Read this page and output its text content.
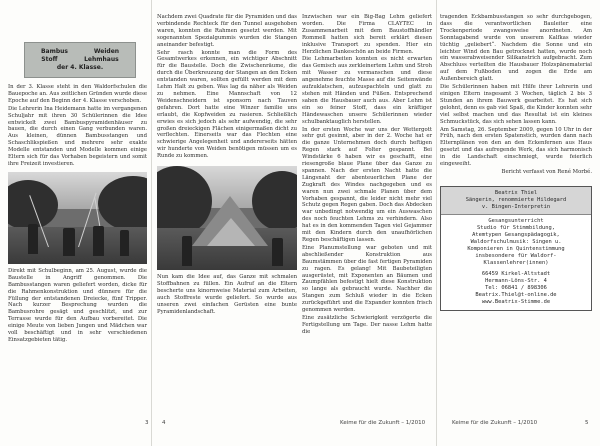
Bambus	Weiden
Stoff	Lehmhaus
der 4. Klasse.

In der 3. Klasse steht in den Waldorfschulen die Bauepoche an. Aus zeitlichen Gründen wurde diese Epoche auf den Beginn der 4. Klasse verschoben.

Die Lehrerin Ina Heidemann hatte im vergangenen Schuljahr mit ihren 30 Schülerinnen die Idee entwickelt zwei Bambuspyramidenhäuser zu bauen, die durch einen Gang verbunden waren. Aus kleinen, dünnen Bambusstangen und Schaschlikspießen und mehrere sehr exakte Modelle entstanden und Modelle kommen einige Eltern sich für das Vorhaben begeistern und somit ihre Freizeit investieren.

Direkt mit Schulbeginn, am 25. August, wurde die Baustelle in Angriff genommen. Die Bambusstangen waren geliefert worden, dicke für die Rahmenkonstruktion und dünnere für die Füllung der entstandenen Dreiecke, fünf Tripper. Nach kurzer Besprechung wurden die Bambusrohre gesägt und geschlitzt, und zur Terrasse wurde für den Aufbau vorbereitet. Die einige Meute von lieben Jungen und Mädchen war voll beschäftigt und in sehr verschiedenen Einsatzgebieten tätig.

Nachdem zwei Quadrate für die Pyramiden und das verbindende Rechteck für den Tunnel ausgehoben waren, konnten die Rahmen gesetzt werden. Mit sogenannten Spezialgummis wurden die Stangen aneinander befestigt.

Sehr rasch konnte man die Form des Gesamtwerkes erkennen, ein wichtiger Abschnitt für die Baustelle. Doch die Zwischenräume, die durch die Überkreuzung der Stangen an den Ecken entstanden waren, sollten gefüllt werden mit dem Lehm Halt zu geben. Was lag da näher als Weiden zu nehmen. Eine Mannschaft von 12 Weidenschneidern ist sponsorn nach Tauven gefahren. Dort hatte eine Winzer familie uns erlaubt, die Kopfweiden zu rasieren. Schließlich erwies es sich jedoch als sehr aufwendig, die sehr großen dreieckigen Flächen einigermaßen dicht zu verflechten. Einerseits war das Flechten eine schwierige Angelegenheit und andererseits hätten wir hunderte von Weiden benötigen müssen um es Runde zu kommen.

Nun kam die Idee auf, das Ganze mit schmalen Stoffbahnen zu füllen. Ein Aufruf an die Eltern bescherte uns kinornweise Material zum Arbeiten, auch Stoffreste wurde geliefert. So wurde aus unseren zwei einfachen Gerüsten eine bunte Pyramidenlandschaft.

Inzwischen war ein Big-Bag Lehm geliefert worden. Die Firma CLAYTEC in Zusammenarbeit mit dem Baustoffhändler Rommell hatten sich bereit erklärt diesen inklusive Transport zu spenden. Hier ein Herzlichen Dankeschön an beide Firmen.

Die Lehmarbeiten konnten es nicht erwarten das Gemisch aus zerkleinertem Lehm und Stroh mit Wasser zu vermanschen und diese angenehme feuchte Masse auf die Seitenwände aufzuklatschen, aufzuspachteln und glatt zu stehen mit Händen und Füßen. Entsprechend sahen die Hausbauer auch aus. Aber Lehm ist ein so feiner Stoff, dass ein kräftiger Händewaschen unsere Schülerinnen wieder schulbanktauglich herstellen.

In der ersten Woche war uns der Wettergott sehr gut gesinnt, aber in der 2. Woche hat er die ganze Unternehmen doch durch heftigen Regen stark auf Folter gespannt. Bei Windstärke 6 haben wir es geschafft, eine riesengroße blaue Plane über das Ganze zu spannen. Nach der ersten Nacht hatte die Längsnaht der abenteuerlichen Plane der Zugkraft des Windes nachgegeben und es waren nun zwei schmale Planen über dem Vorhaben gespannt, die leider nicht mehr viel Schutz gegen Regen gaben. Doch das Abdecken war unbedingt notwendig um ein Auswaschen des noch feuchten Lehms zu verhindern. Also hat es in den kommenden Tagen viel Gejammer mit den Kindern durch den unaufhörlichen Regen beschäftigen lassen.

Eine Planumstellung war geboten und mit abschließender Konstruktion aus Baumstämmen über die fast fertigen Pyramiden zu ragen. Es gelang! Mit Baubeteiligten ausgerüstet, mit Exponenten an Bäumen und Zaumpfählen befestigt hielt diese Konstruktion so lange als gebraucht wurde. Nachher die Stangen zum Schluß wieder in die Ecken zurückgeführt und die Expander konnten frisch genommen werden.

Eine zusätzliche Schwierigkeit verzögerte die Fertigstellung um Tage. Der nasse Lehm hatte die

tragenden Eckbambusstangen so sehr durchgebogen, dass die verantwortlichen Bauleiter eine Trockenperiode zwangsweise anordneten. Am Sonntagabend wurde von unserem Kalfkas wieder tüchtig „geliebert“. Nachdem die Sonne und ein leichter Wind den Bau getrocknet hatten, wurde noch ein wasserabweisender Silikanstrich aufgebracht. Zum Abschluss verteilten die Hausbauer Holzspänematerial auf dem Fußboden und zogen die Erde am Außenbereich glatt.

Die Schülerinnen haben mit Hilfe ihrer Lehrerin und einigen Eltern insgesamt 3 Wochen, täglich 2 bis 3 Stunden an ihrem Bauwerk gearbeitet. Es hat sich gelohnt, denn es gab viel Spaß, die Kinder konnten sehr viel selbst machen und das Resultat ist ein kleines Schmuckstück, das sich sehen lassen kann.

Am Samstag, 26. September 2009, gegen 10 Uhr in der Früh, nach den ersten Spatenstich, wurden dann nach Elternplänen von den an den Eckenfernen aus Haus gesetzt und das aufregende Werk, das sich harmonisch in die Landschaft einschmiegt, wurde feierlich eingeweiht.

Bericht verfasst von René Morbé.

Beatrix Thiel
Sängerin, renommierte Hildegard
v. Bingen-Interpretin
Gesangsunterricht
Studio für Stimmbildung,
Atemtypen Gesangspädagogik,
Waldorfschulmusik: Singen u.
Komponieren in Quintenstimmung
insbesondere für Waldorf-
Klassenlehrer(innen)
66459 Kirkel-Altstadt
Hermann-Löns-Str. 4
Tel: 06841 / 898306
Beatrix.Thiel@t-online.de
www.Beatrix-Stimme.de
3 4	Keime für die Zukunft – 1/2010	Keime für die Zukunft – 1/2010	5
